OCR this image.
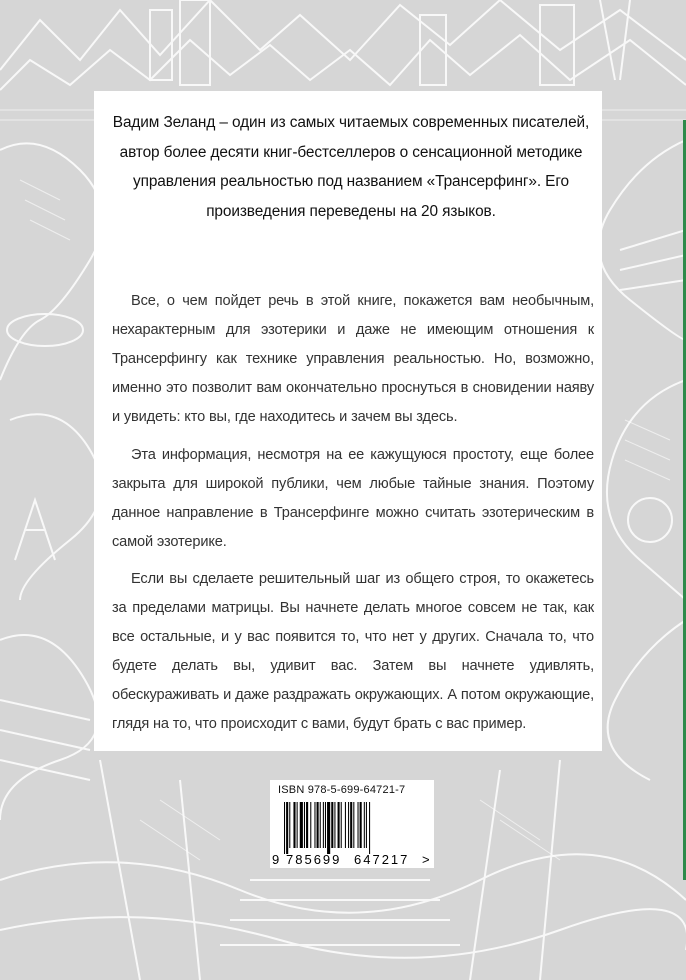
Вадим Зеланд – один из самых читаемых современных писателей, автор более десяти книг-бестселлеров о сенсационной методике управления реальностью под названием «Трансерфинг». Его произведения переведены на 20 языков.

Все, о чем пойдет речь в этой книге, покажется вам необычным, нехарактерным для эзотерики и даже не имеющим отношения к Трансерфингу как технике управления реальностью. Но, возможно, именно это позволит вам окончательно проснуться в сновидении наяву и увидеть: кто вы, где находитесь и зачем вы здесь.

Эта информация, несмотря на ее кажущуюся простоту, еще более закрыта для широкой публики, чем любые тайные знания. Поэтому данное направление в Трансерфинге можно считать эзотерическим в самой эзотерике.

Если вы сделаете решительный шаг из общего строя, то окажетесь за пределами матрицы. Вы начнете делать многое совсем не так, как все остальные, и у вас появится то, что нет у других. Сначала то, что будете делать вы, удивит вас. Затем вы начнете удивлять, обескураживать и даже раздражать окружающих. А потом окружающие, глядя на то, что происходит с вами, будут брать с вас пример.

ISBN 978-5-699-64721-7
9 785699 647217 >
